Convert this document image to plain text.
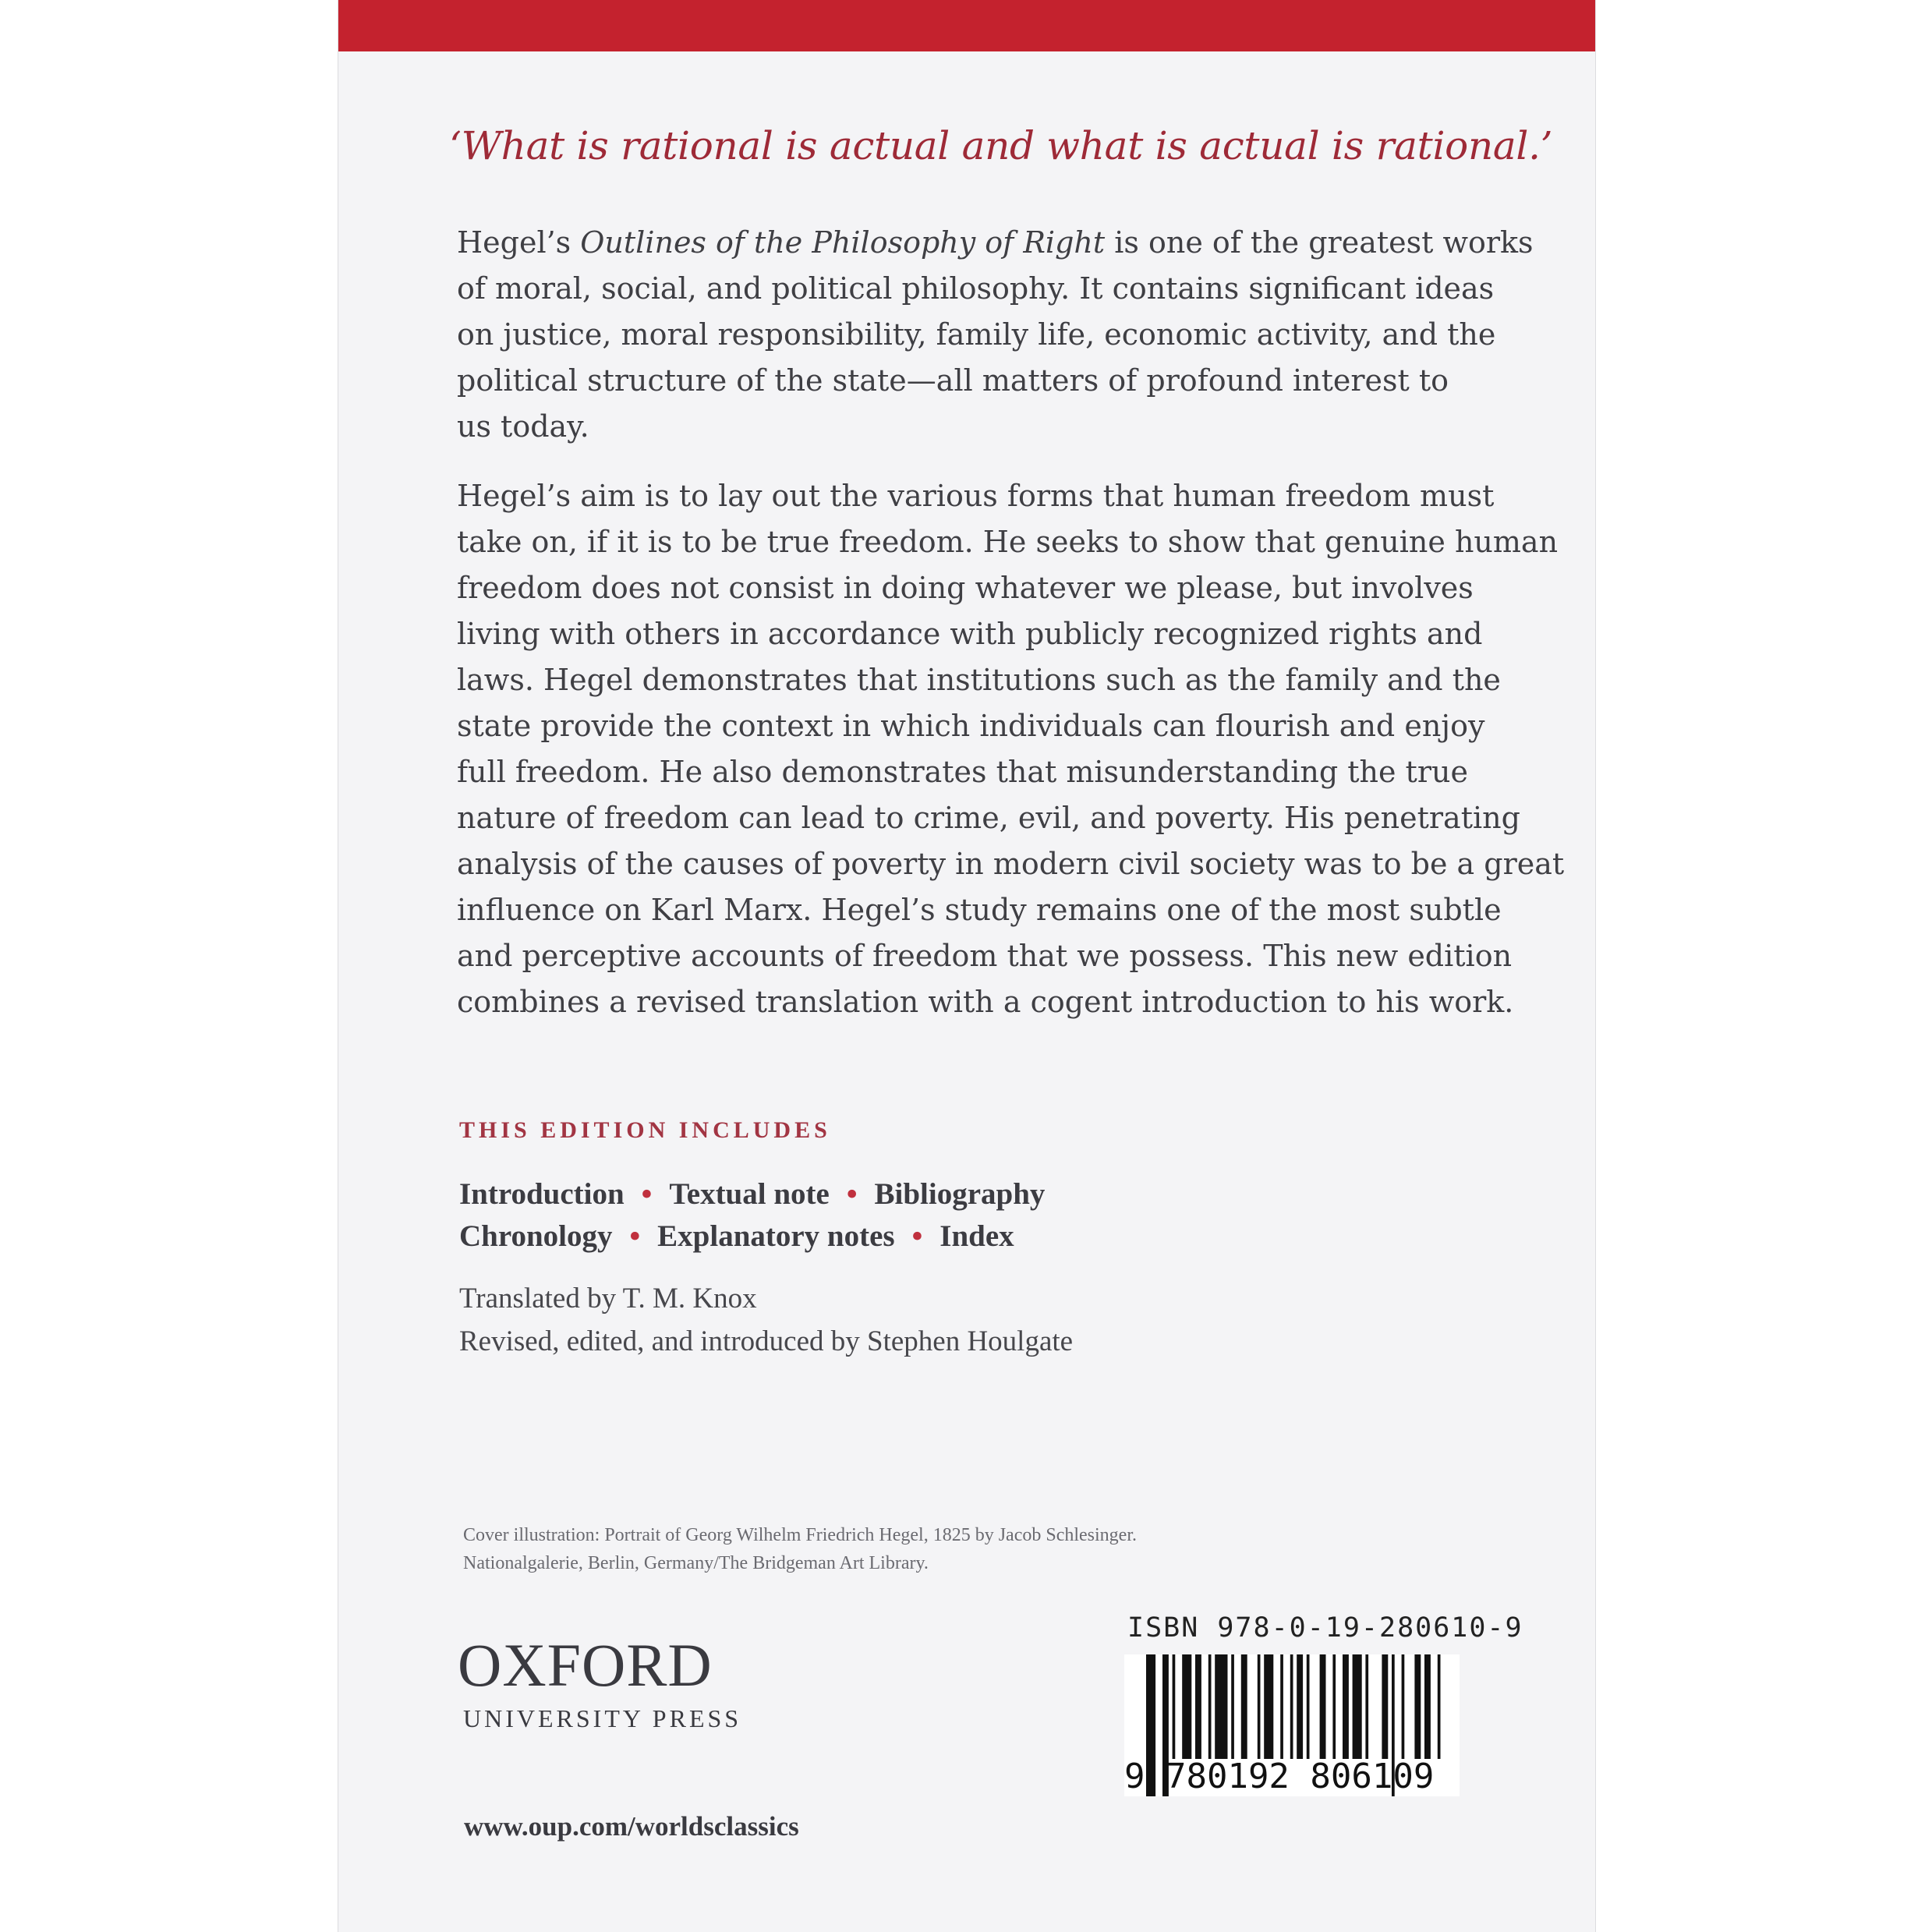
‘What is rational is actual and what is actual is rational.’
Hegel’s Outlines of the Philosophy of Right is one of the greatest works
of moral, social, and political philosophy. It contains significant ideas
on justice, moral responsibility, family life, economic activity, and the
political structure of the state—all matters of profound interest to
us today.
Hegel’s aim is to lay out the various forms that human freedom must
take on, if it is to be true freedom. He seeks to show that genuine human
freedom does not consist in doing whatever we please, but involves
living with others in accordance with publicly recognized rights and
laws. Hegel demonstrates that institutions such as the family and the
state provide the context in which individuals can flourish and enjoy
full freedom. He also demonstrates that misunderstanding the true
nature of freedom can lead to crime, evil, and poverty. His penetrating
analysis of the causes of poverty in modern civil society was to be a great
influence on Karl Marx. Hegel’s study remains one of the most subtle
and perceptive accounts of freedom that we possess. This new edition
combines a revised translation with a cogent introduction to his work.
THIS EDITION INCLUDES
Introduction • Textual note • Bibliography
Chronology • Explanatory notes • Index
Translated by T. M. Knox
Revised, edited, and introduced by Stephen Houlgate
Cover illustration: Portrait of Georg Wilhelm Friedrich Hegel, 1825 by Jacob Schlesinger.
Nationalgalerie, Berlin, Germany/The Bridgeman Art Library.
OXFORD
UNIVERSITY PRESS
www.oup.com/worldsclassics
ISBN 978-0-19-280610-9
9 780192 806109
